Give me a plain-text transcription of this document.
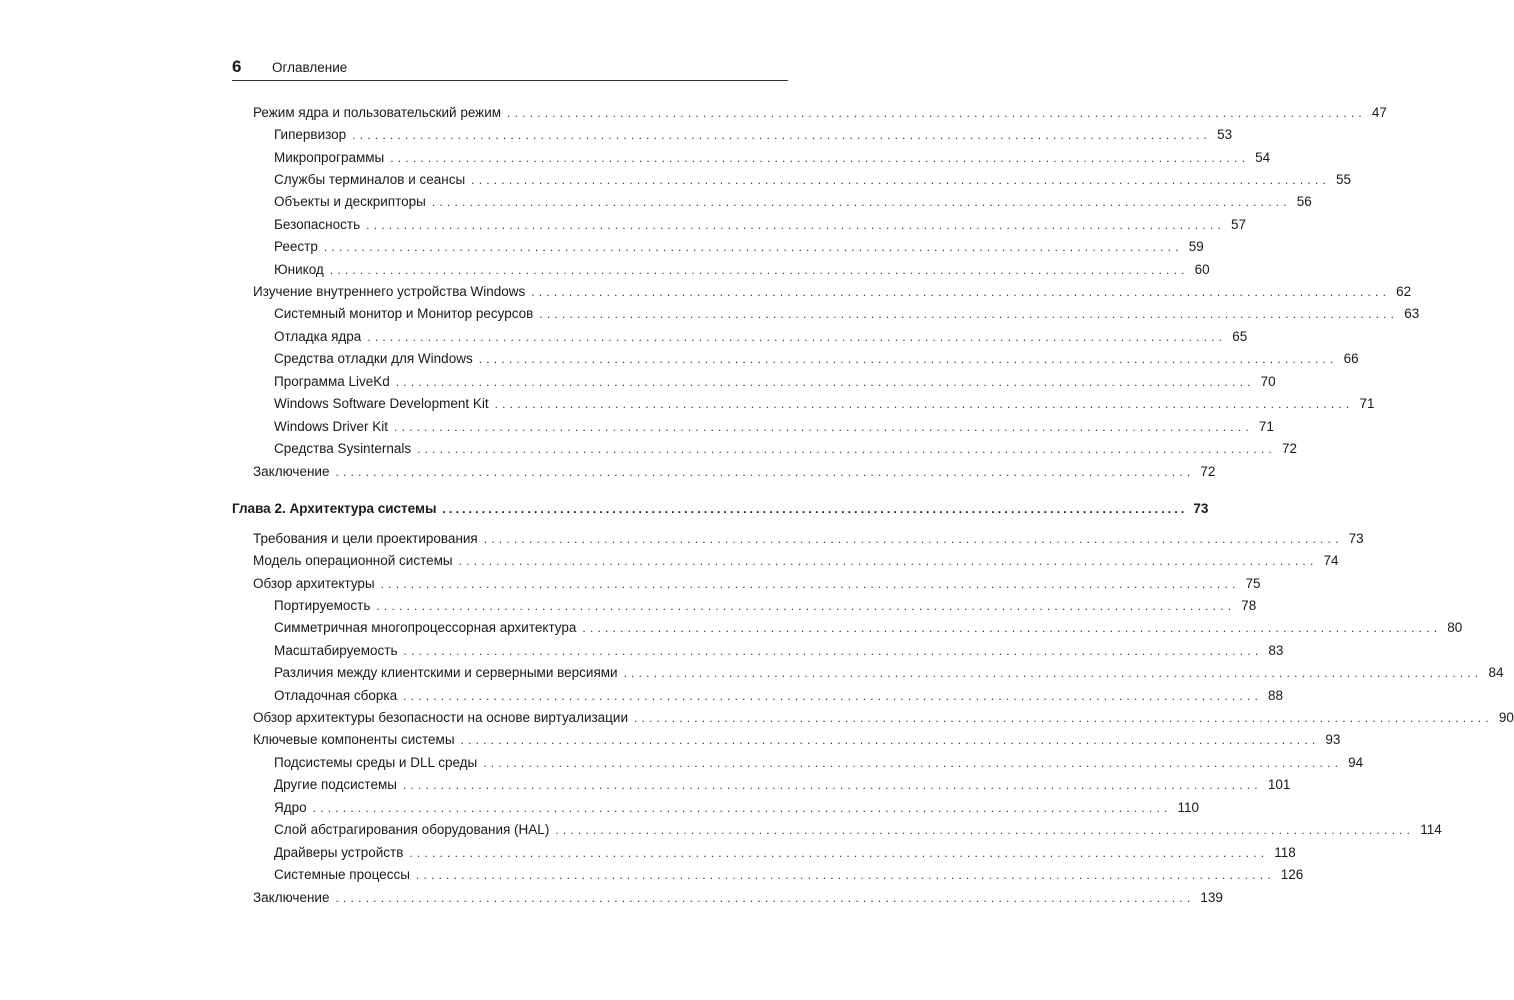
6 Оглавление
Режим ядра и пользовательский режим .................................................................................................................. 47
Гипервизор .................................................................................................................. 53
Микропрограммы .................................................................................................................. 54
Службы терминалов и сеансы .................................................................................................................. 55
Объекты и дескрипторы .................................................................................................................. 56
Безопасность .................................................................................................................. 57
Реестр .................................................................................................................. 59
Юникод .................................................................................................................. 60
Изучение внутреннего устройства Windows .................................................................................................................. 62
Системный монитор и Монитор ресурсов .................................................................................................................. 63
Отладка ядра .................................................................................................................. 65
Средства отладки для Windows .................................................................................................................. 66
Программа LiveKd .................................................................................................................. 70
Windows Software Development Kit .................................................................................................................. 71
Windows Driver Kit .................................................................................................................. 71
Средства Sysinternals .................................................................................................................. 72
Заключение .................................................................................................................. 72
Глава 2. Архитектура системы .................................................................................................................. 73
Требования и цели проектирования .................................................................................................................. 73
Модель операционной системы .................................................................................................................. 74
Обзор архитектуры .................................................................................................................. 75
Портируемость .................................................................................................................. 78
Симметричная многопроцессорная архитектура .................................................................................................................. 80
Масштабируемость .................................................................................................................. 83
Различия между клиентскими и серверными версиями .................................................................................................................. 84
Отладочная сборка .................................................................................................................. 88
Обзор архитектуры безопасности на основе виртуализации .................................................................................................................. 90
Ключевые компоненты системы .................................................................................................................. 93
Подсистемы среды и DLL среды .................................................................................................................. 94
Другие подсистемы .................................................................................................................. 101
Ядро .................................................................................................................. 110
Слой абстрагирования оборудования (HAL) .................................................................................................................. 114
Драйверы устройств .................................................................................................................. 118
Системные процессы .................................................................................................................. 126
Заключение .................................................................................................................. 139
